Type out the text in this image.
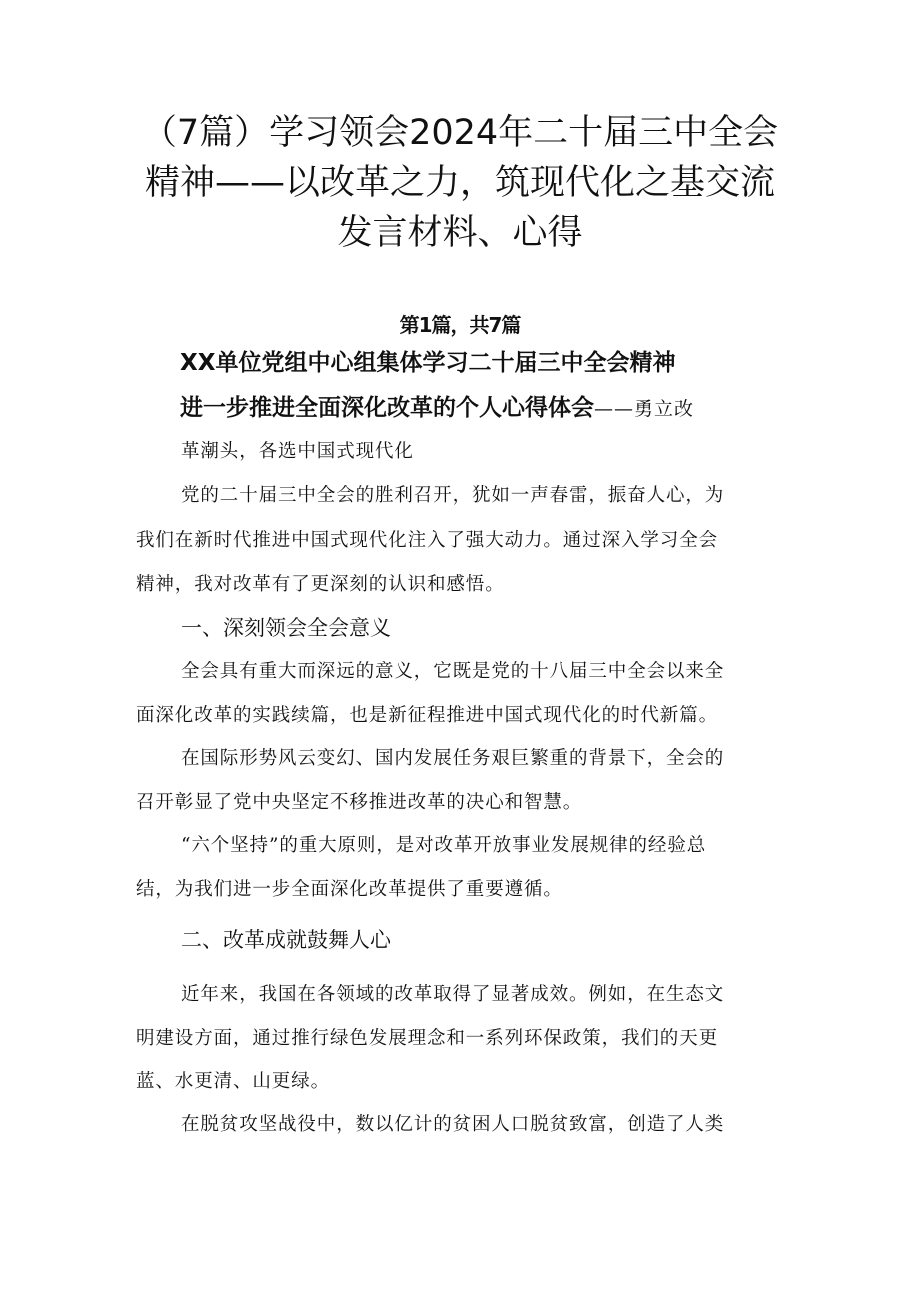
（7篇）学习领会2024年二十届三中全会
精神——以改革之力，筑现代化之基交流
发言材料、心得
第1篇，共7篇
XX单位党组中心组集体学习二十届三中全会精神
进一步推进全面深化改革的个人心得体会——勇立改
革潮头，各选中国式现代化
党的二十届三中全会的胜利召开，犹如一声春雷，振奋人心，为
我们在新时代推进中国式现代化注入了强大动力。通过深入学习全会
精神，我对改革有了更深刻的认识和感悟。
一、深刻领会全会意义
全会具有重大而深远的意义，它既是党的十八届三中全会以来全
面深化改革的实践续篇，也是新征程推进中国式现代化的时代新篇。
在国际形势风云变幻、国内发展任务艰巨繁重的背景下，全会的
召开彰显了党中央坚定不移推进改革的决心和智慧。
“六个坚持”的重大原则，是对改革开放事业发展规律的经验总
结，为我们进一步全面深化改革提供了重要遵循。
二、改革成就鼓舞人心
近年来，我国在各领域的改革取得了显著成效。例如，在生态文
明建设方面，通过推行绿色发展理念和一系列环保政策，我们的天更
蓝、水更清、山更绿。
在脱贫攻坚战役中，数以亿计的贫困人口脱贫致富，创造了人类
